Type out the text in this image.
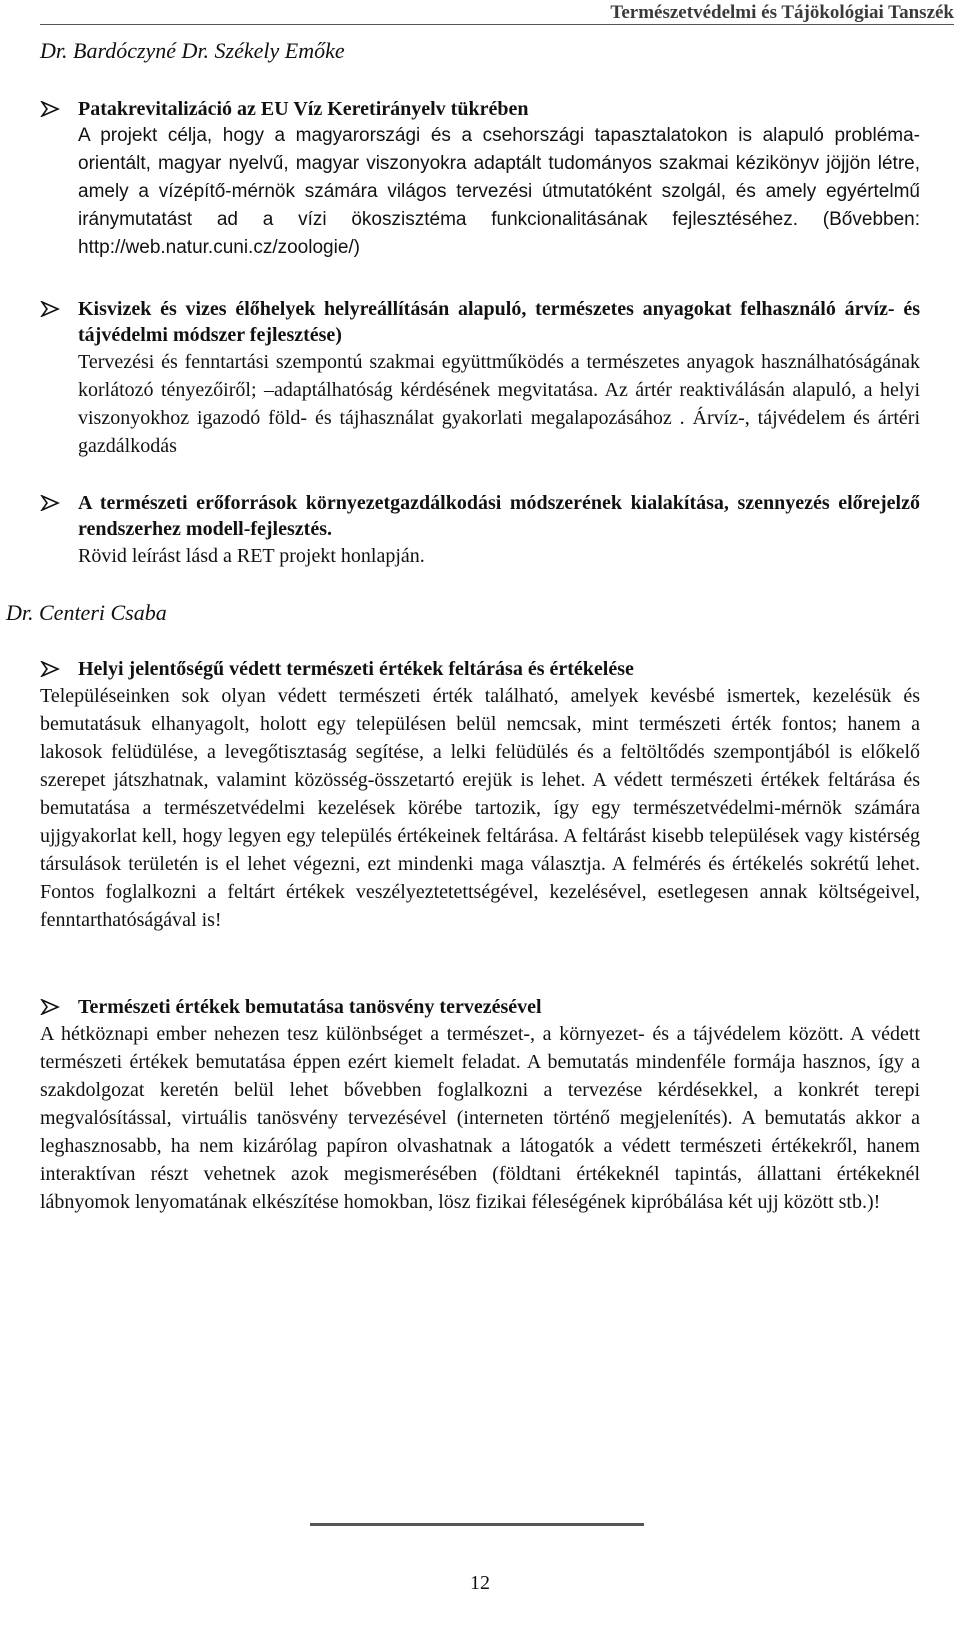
Természetvédelmi és Tájökológiai Tanszék
Dr. Bardóczyné Dr. Székely Emőke
Patakrevitalizáció az EU Víz Keretirányelv tükrében

A projekt célja, hogy a magyarországi és a csehországi tapasztalatokon is alapuló probléma-orientált, magyar nyelvű, magyar viszonyokra adaptált tudományos szakmai kézikönyv jöjjön létre, amely a vízépítő-mérnök számára világos tervezési útmutatóként szolgál, és amely egyértelmű iránymutatást ad a vízi ökoszisztéma funkcionalitásának fejlesztéséhez. (Bővebben: http://web.natur.cuni.cz/zoologie/)

Kisvizek és vizes élőhelyek helyreállításán alapuló, természetes anyagokat felhasználó árvíz- és tájvédelmi módszer fejlesztése)

Tervezési és fenntartási szempontú szakmai együttműködés a természetes anyagok használhatóságának korlátozó tényezőiről; –adaptálhatóság kérdésének megvitatása. Az ártér reaktiválásán alapuló, a helyi viszonyokhoz igazodó föld- és tájhasználat gyakorlati megalapozásához . Árvíz-, tájvédelem és ártéri gazdálkodás

A természeti erőforrások környezetgazdálkodási módszerének kialakítása, szennyezés előrejelző rendszerhez modell-fejlesztés.

Rövid leírást lásd a RET projekt honlapján.

Dr. Centeri Csaba
Helyi jelentőségű védett természeti értékek feltárása és értékelése

Településeinken sok olyan védett természeti érték található, amelyek kevésbé ismertek, kezelésük és bemutatásuk elhanyagolt, holott egy településen belül nemcsak, mint természeti érték fontos; hanem a lakosok felüdülése, a levegőtisztaság segítése, a lelki felüdülés és a feltöltődés szempontjából is előkelő szerepet játszhatnak, valamint közösség-összetartó erejük is lehet. A védett természeti értékek feltárása és bemutatása a természetvédelmi kezelések körébe tartozik, így egy természetvédelmi-mérnök számára ujjgyakorlat kell, hogy legyen egy település értékeinek feltárása. A feltárást kisebb települések vagy kistérség társulások területén is el lehet végezni, ezt mindenki maga választja. A felmérés és értékelés sokrétű lehet. Fontos foglalkozni a feltárt értékek veszélyeztetettségével, kezelésével, esetlegesen annak költségeivel, fenntarthatóságával is!

Természeti értékek bemutatása tanösvény tervezésével

A hétköznapi ember nehezen tesz különbséget a természet-, a környezet- és a tájvédelem között. A védett természeti értékek bemutatása éppen ezért kiemelt feladat. A bemutatás mindenféle formája hasznos, így a szakdolgozat keretén belül lehet bővebben foglalkozni a tervezése kérdésekkel, a konkrét terepi megvalósítással, virtuális tanösvény tervezésével (interneten történő megjelenítés). A bemutatás akkor a leghasznosabb, ha nem kizárólag papíron olvashatnak a látogatók a védett természeti értékekről, hanem interaktívan részt vehetnek azok megismerésében (földtani értékeknél tapintás, állattani értékeknél lábnyomok lenyomatának elkészítése homokban, lösz fizikai féleségének kipróbálása két ujj között stb.)!

12
